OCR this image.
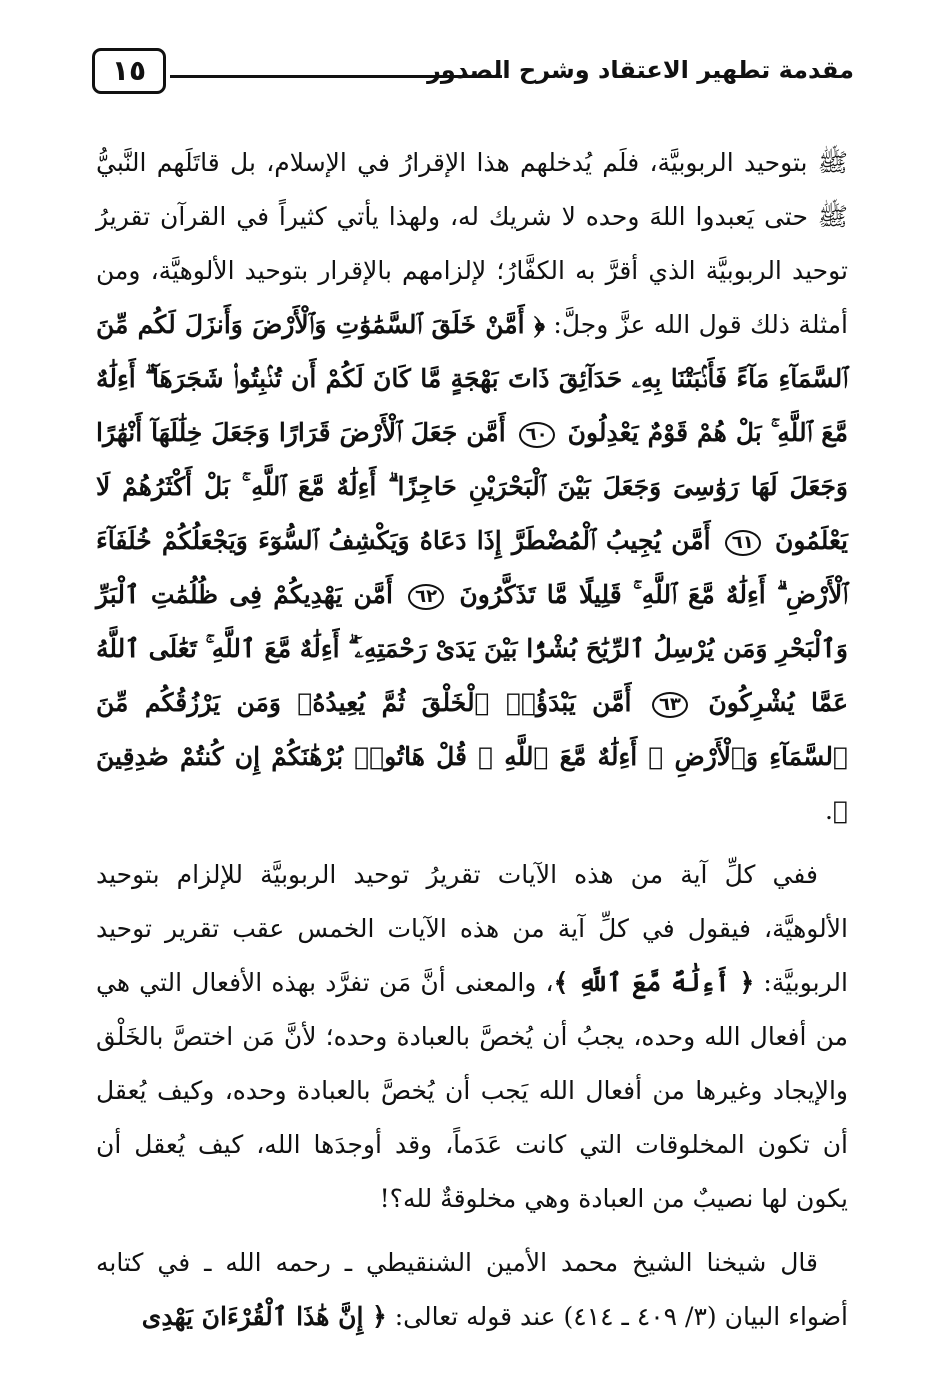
مقدمة تطهير الاعتقاد وشرح الصدور
١٥

ﷺ بتوحيد الربوبيَّة، فلَم يُدخلهم هذا الإقرارُ في الإسلام، بل قاتَلَهم النَّبيُّ ﷺ حتى يَعبدوا اللهَ وحده لا شريك له، ولهذا يأتي كثيراً في القرآن تقريرُ توحيد الربوبيَّة الذي أقرَّ به الكفَّارُ؛ لإلزامهم بالإقرار بتوحيد الألوهيَّة، ومن أمثلة ذلك قول الله عزَّ وجلَّ: ﴿ أَمَّنْ خَلَقَ ٱلسَّمَٰوَٰتِ وَٱلْأَرْضَ وَأَنزَلَ لَكُم مِّنَ ٱلسَّمَآءِ مَآءً فَأَنۢبَتْنَا بِهِۦ حَدَآئِقَ ذَاتَ بَهْجَةٍ مَّا كَانَ لَكُمْ أَن تُنۢبِتُوا۟ شَجَرَهَآ ۗ أَءِلَٰهٌ مَّعَ ٱللَّهِ ۚ بَلْ هُمْ قَوْمٌ يَعْدِلُونَ ٦٠ أَمَّن جَعَلَ ٱلْأَرْضَ قَرَارًا وَجَعَلَ خِلَٰلَهَآ أَنْهَٰرًا وَجَعَلَ لَهَا رَوَٰسِىَ وَجَعَلَ بَيْنَ ٱلْبَحْرَيْنِ حَاجِزًا ۗ أَءِلَٰهٌ مَّعَ ٱللَّهِ ۚ بَلْ أَكْثَرُهُمْ لَا يَعْلَمُونَ ٦١ أَمَّن يُجِيبُ ٱلْمُضْطَرَّ إِذَا دَعَاهُ وَيَكْشِفُ ٱلسُّوٓءَ وَيَجْعَلُكُمْ خُلَفَآءَ ٱلْأَرْضِ ۗ أَءِلَٰهٌ مَّعَ ٱللَّهِ ۚ قَلِيلًا مَّا تَذَكَّرُونَ ٦٢ أَمَّن يَهْدِيكُمْ فِى ظُلُمَٰتِ ٱلْبَرِّ وَٱلْبَحْرِ وَمَن يُرْسِلُ ٱلرِّيَٰحَ بُشْرًۢا بَيْنَ يَدَىْ رَحْمَتِهِۦٓ ۗ أَءِلَٰهٌ مَّعَ ٱللَّهِ ۚ تَعَٰلَى ٱللَّهُ عَمَّا يُشْرِكُونَ ٦٣ أَمَّن يَبْدَؤُا۟ ٱلْخَلْقَ ثُمَّ يُعِيدُهُۥ وَمَن يَرْزُقُكُم مِّنَ ٱلسَّمَآءِ وَٱلْأَرْضِ ۗ أَءِلَٰهٌ مَّعَ ٱللَّهِ ۚ قُلْ هَاتُوا۟ بُرْهَٰنَكُمْ إِن كُنتُمْ صَٰدِقِينَ ﴾.

ففي كلِّ آية من هذه الآيات تقريرُ توحيد الربوبيَّة للإلزام بتوحيد الألوهيَّة، فيقول في كلِّ آية من هذه الآيات الخمس عقب تقرير توحيد الربوبيَّة: ﴿ أَءِلَٰهٌ مَّعَ ٱللَّهِ ﴾، والمعنى أنَّ مَن تفرَّد بهذه الأفعال التي هي من أفعال الله وحده، يجبُ أن يُخصَّ بالعبادة وحده؛ لأنَّ مَن اختصَّ بالخَلْق والإيجاد وغيرها من أفعال الله يَجب أن يُخصَّ بالعبادة وحده، وكيف يُعقل أن تكون المخلوقات التي كانت عَدَماً، وقد أوجدَها الله، كيف يُعقل أن يكون لها نصيبٌ من العبادة وهي مخلوقةٌ لله؟!

قال شيخنا الشيخ محمد الأمين الشنقيطي ـ رحمه الله ـ في كتابه أضواء البيان (٣/ ٤٠٩ ـ ٤١٤) عند قوله تعالى: ﴿ إِنَّ هَٰذَا ٱلْقُرْءَانَ يَهْدِى
